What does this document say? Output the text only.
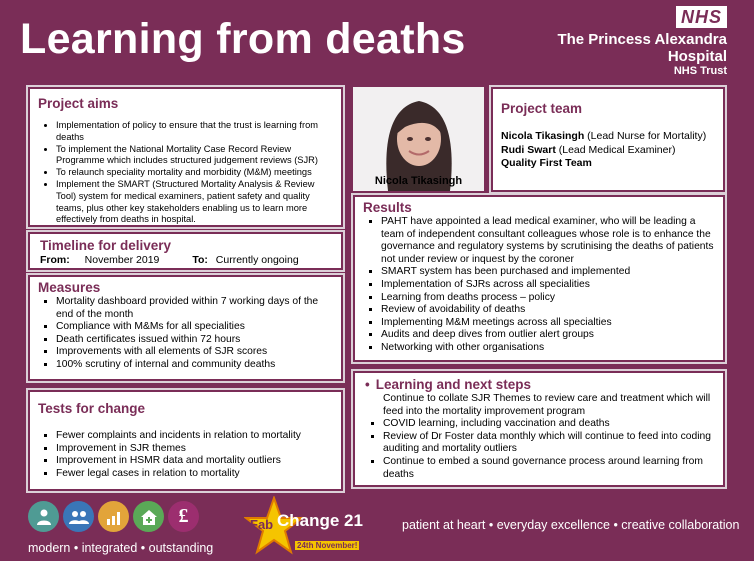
Learning from deaths	NHS
The Princess Alexandra
Hospital
NHS Trust
Project aims
• Implementation of policy to ensure that the trust is learning from deaths
• To implement the National Mortality Case Record Review Programme which includes structured judgement reviews (SJR)
• To relaunch speciality mortality and morbidity (M&M) meetings
• Implement the SMART (Structured Mortality Analysis & Review Tool) system for medical examiners, patient safety and quality teams, plus other key stakeholders enabling us to learn more effectively from deaths in hospital.
Nicola Tikasingh
Project team
Nicola Tikasingh (Lead Nurse for Mortality)
Rudi Swart (Lead Medical Examiner)
Quality First Team
Timeline for delivery
From: November 2019	To: Currently ongoing
Measures
▪ Mortality dashboard provided within 7 working days of the end of the month
▪ Compliance with M&Ms for all specialities
▪ Death certificates issued within 72 hours
▪ Improvements with all elements of SJR scores
▪ 100% scrutiny of internal and community deaths
Tests for change
▪ Fewer complaints and incidents in relation to mortality
▪ Improvement in SJR themes
▪ Improvement in HSMR data and mortality outliers
▪ Fewer legal cases in relation to mortality
Results
▪ PAHT have appointed a lead medical examiner, who will be leading a team of independent consultant colleagues whose role is to enhance the governance and regulatory systems by scrutinising the deaths of patients not under review or inquest by the coroner
▪ SMART system has been purchased and implemented
▪ Implementation of SJRs across all specialities
▪ Learning from deaths process – policy
▪ Review of avoidability of deaths
▪ Implementing M&M meetings across all specialties
▪ Audits and deep dives from outlier alert groups
▪ Networking with other organisations
• Learning and next steps
Continue to collate SJR Themes to review care and treatment which will feed into the mortality improvement program
▪ COVID learning, including vaccination and deaths
▪ Review of Dr Foster data monthly which will continue to feed into coding auditing and mortality outliers
▪ Continue to embed a sound governance process around learning from deaths
£
modern • integrated • outstanding
Fab Change 21
24th November!
patient at heart • everyday excellence • creative collaboration
